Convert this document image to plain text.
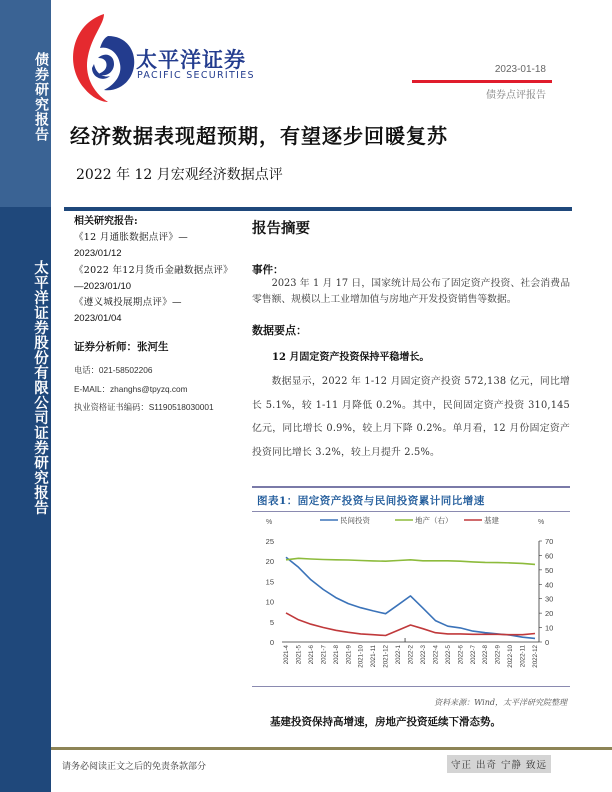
债券研究报告
太平洋证券股份有限公司证券研究报告
太平洋证券
PACIFIC SECURITIES
2023-01-18
债券点评报告
经济数据表现超预期，有望逐步回暖复苏
2022 年 12 月宏观经济数据点评
相关研究报告:
《12 月通胀数据点评》—
2023/01/12
《2022 年12月货币金融数据点评》
—2023/01/10
《遵义城投展期点评》—
2023/01/04
证券分析师：张河生
电话：021-58502206
E-MAIL：zhanghs@tpyzq.com
执业资格证书编码：S1190518030001
报告摘要
事件：
2023 年 1 月 17 日，国家统计局公布了固定资产投资、社会消费品零售额、规模以上工业增加值与房地产开发投资销售等数据。
数据要点：
12 月固定资产投资保持平稳增长。
数据显示，2022 年 1-12 月固定资产投资 572,138 亿元，同比增长 5.1%，较 1-11 月降低 0.2%。其中，民间固定资产投资 310,145 亿元，同比增长 0.9%，较上月下降 0.2%。单月看，12 月份固定资产投资同比增长 3.2%，较上月提升 2.5%。
图表1：固定资产投资与民间投资累计同比增速
%	%
0
5
10
15
20
25
0
10
20
30
40
50
60
70
2021-4 2021-5 2021-6 2021-7 2021-8 2021-9 2021-10 2021-11 2021-12 2022-1 2022-2 2022-3 2022-4 2022-5 2022-6 2022-7 2022-8 2022-9 2022-10 2022-11 2022-12
民间投资	地产（右）	基建
资料来源：Wind，太平洋研究院整理
基建投资保持高增速，房地产投资延续下滑态势。
请务必阅读正文之后的免责条款部分	守正 出奇 宁静 致远
